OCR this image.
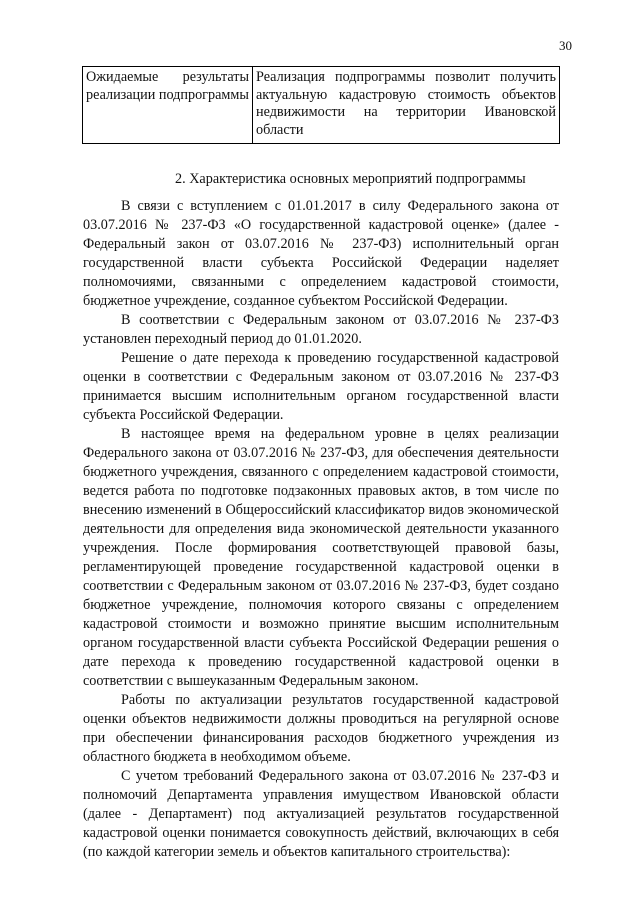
30
Ожидаемые результаты реализации подпрограммы	Реализация подпрограммы позволит получить актуальную кадастровую стоимость объектов недвижимости на территории Ивановской области
2. Характеристика основных мероприятий подпрограммы

В связи с вступлением с 01.01.2017 в силу Федерального закона от 03.07.2016 № 237-ФЗ «О государственной кадастровой оценке» (далее - Федеральный закон от 03.07.2016 № 237-ФЗ) исполнительный орган государственной власти субъекта Российской Федерации наделяет полномочиями, связанными с определением кадастровой стоимости, бюджетное учреждение, созданное субъектом Российской Федерации.

В соответствии с Федеральным законом от 03.07.2016 № 237-ФЗ установлен переходный период до 01.01.2020.

Решение о дате перехода к проведению государственной кадастровой оценки в соответствии с Федеральным законом от 03.07.2016 № 237-ФЗ принимается высшим исполнительным органом государственной власти субъекта Российской Федерации.

В настоящее время на федеральном уровне в целях реализации Федерального закона от 03.07.2016 № 237-ФЗ, для обеспечения деятельности бюджетного учреждения, связанного с определением кадастровой стоимости, ведется работа по подготовке подзаконных правовых актов, в том числе по внесению изменений в Общероссийский классификатор видов экономической деятельности для определения вида экономической деятельности указанного учреждения. После формирования соответствующей правовой базы, регламентирующей проведение государственной кадастровой оценки в соответствии с Федеральным законом от 03.07.2016 № 237-ФЗ, будет создано бюджетное учреждение, полномочия которого связаны с определением кадастровой стоимости и возможно принятие высшим исполнительным органом государственной власти субъекта Российской Федерации решения о дате перехода к проведению государственной кадастровой оценки в соответствии с вышеуказанным Федеральным законом.

Работы по актуализации результатов государственной кадастровой оценки объектов недвижимости должны проводиться на регулярной основе при обеспечении финансирования расходов бюджетного учреждения из областного бюджета в необходимом объеме.

С учетом требований Федерального закона от 03.07.2016 № 237-ФЗ и полномочий Департамента управления имуществом Ивановской области (далее - Департамент) под актуализацией результатов государственной кадастровой оценки понимается совокупность действий, включающих в себя (по каждой категории земель и объектов капитального строительства):
